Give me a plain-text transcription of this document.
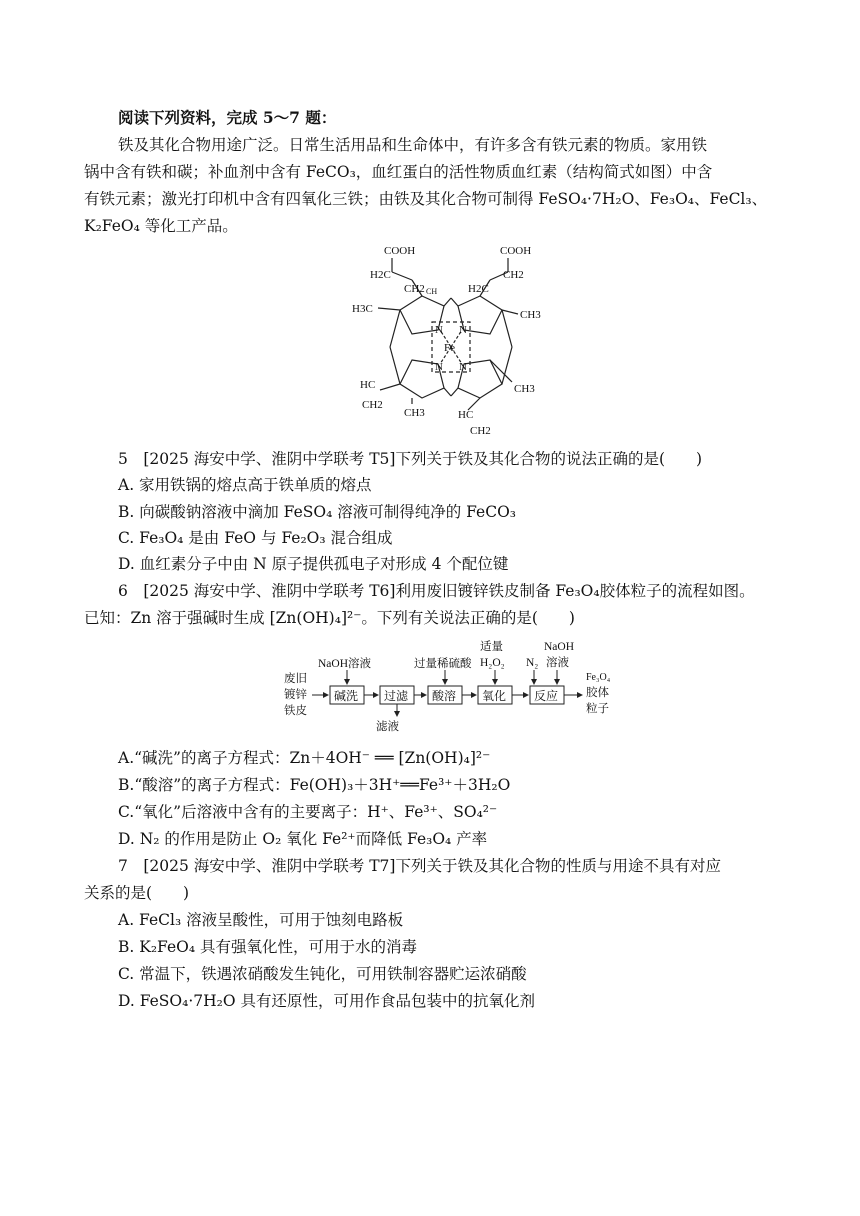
阅读下列资料，完成 5～7 题：
铁及其化合物用途广泛。日常生活用品和生命体中，有许多含有铁元素的物质。家用铁
锅中含有铁和碳；补血剂中含有 FeCO₃，血红蛋白的活性物质血红素（结构简式如图）中含
有铁元素；激光打印机中含有四氧化三铁；由铁及其化合物可制得 FeSO₄·7H₂O、Fe₃O₄、FeCl₃、
K₂FeO₄ 等化工产品。
COOH	COOH
H2C
CH2	H2C
CH2
H3C	CH3
N N
N N
Fe
HC
CH2
CH3
CH3
HC
CH2
CH
5　[2025 海安中学、淮阴中学联考 T5]下列关于铁及其化合物的说法正确的是(　　)
A. 家用铁锅的熔点高于铁单质的熔点
B. 向碳酸钠溶液中滴加 FeSO₄ 溶液可制得纯净的 FeCO₃
C. Fe₃O₄ 是由 FeO 与 Fe₂O₃ 混合组成
D. 血红素分子中由 N 原子提供孤电子对形成 4 个配位键
6　[2025 海安中学、淮阴中学联考 T6]利用废旧镀锌铁皮制备 Fe₃O₄胶体粒子的流程如图。
已知：Zn 溶于强碱时生成 [Zn(OH)₄]²⁻。下列有关说法正确的是(　　)
废旧
镀锌
铁皮
NaOH溶液	过量稀硫酸
适量
H₂O₂ N₂
NaOH
溶液
滤液
Fe₃O₄
胶体
粒子
碱洗 过滤 酸溶 氧化 反应
A.“碱洗”的离子方程式：Zn＋4OH⁻ ══ [Zn(OH)₄]²⁻
B.“酸溶”的离子方程式：Fe(OH)₃＋3H⁺══Fe³⁺＋3H₂O
C.“氧化”后溶液中含有的主要离子：H⁺、Fe³⁺、SO₄²⁻
D. N₂ 的作用是防止 O₂ 氧化 Fe²⁺而降低 Fe₃O₄ 产率
7　[2025 海安中学、淮阴中学联考 T7]下列关于铁及其化合物的性质与用途不具有对应
关系的是(　　)
A. FeCl₃ 溶液呈酸性，可用于蚀刻电路板
B. K₂FeO₄ 具有强氧化性，可用于水的消毒
C. 常温下，铁遇浓硝酸发生钝化，可用铁制容器贮运浓硝酸
D. FeSO₄·7H₂O 具有还原性，可用作食品包装中的抗氧化剂
